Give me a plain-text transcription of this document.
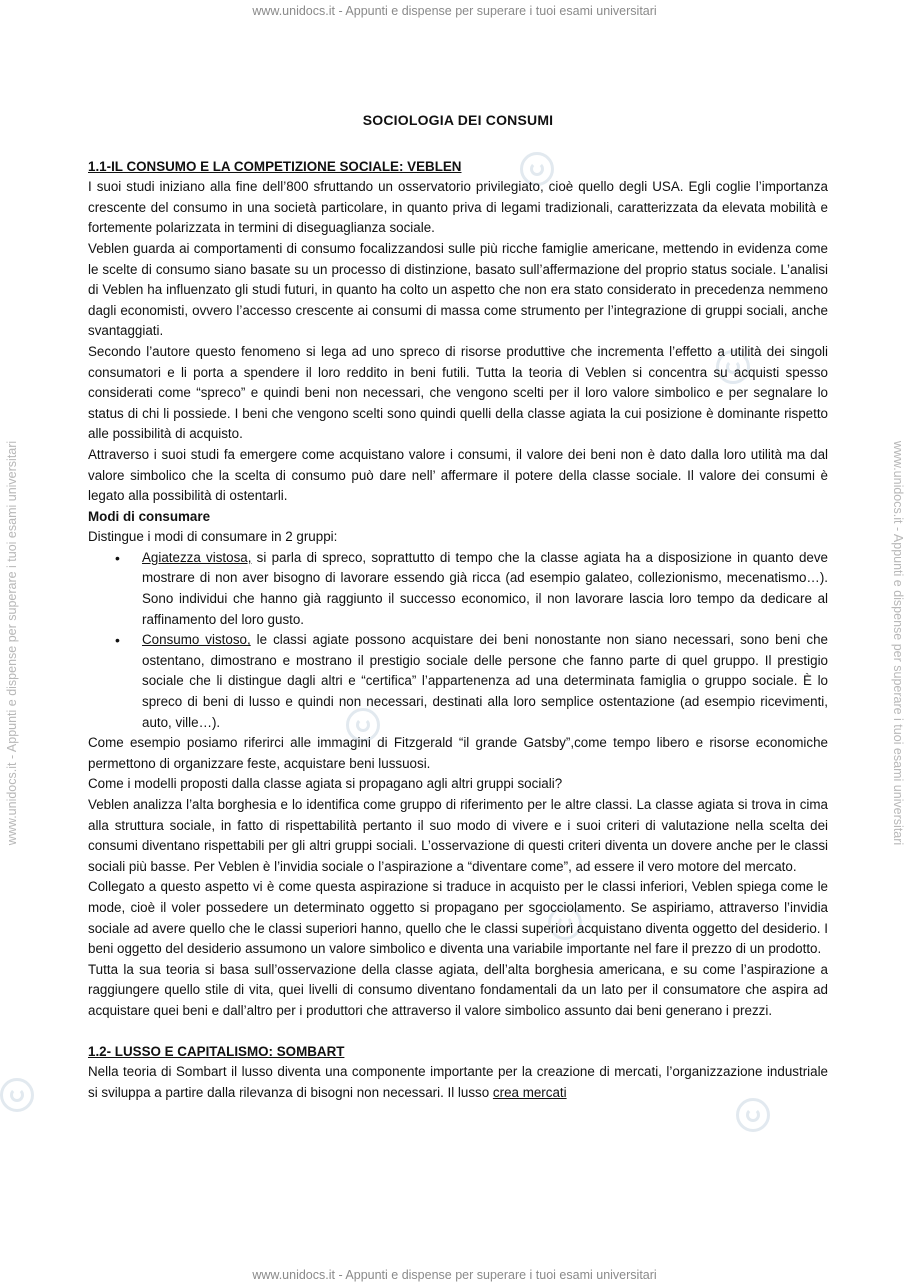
www.unidocs.it - Appunti e dispense per superare i tuoi esami universitari
www.unidocs.it - Appunti e dispense per superare i tuoi esami universitari	www.unidocs.it - Appunti e dispense per superare i tuoi esami universitari
SOCIOLOGIA DEI CONSUMI
1.1-IL CONSUMO E LA COMPETIZIONE SOCIALE: VEBLEN

I suoi studi iniziano alla fine dell’800 sfruttando un osservatorio privilegiato, cioè quello degli USA. Egli coglie l’importanza crescente del consumo in una società particolare, in quanto priva di legami tradizionali, caratterizzata da elevata mobilità e fortemente polarizzata in termini di diseguaglianza sociale.

Veblen guarda ai comportamenti di consumo focalizzandosi sulle più ricche famiglie americane, mettendo in evidenza come le scelte di consumo siano basate su un processo di distinzione, basato sull’affermazione del proprio status sociale. L’analisi di Veblen ha influenzato gli studi futuri, in quanto ha colto un aspetto che non era stato considerato in precedenza nemmeno dagli economisti, ovvero l’accesso crescente ai consumi di massa come strumento per l’integrazione di gruppi sociali, anche svantaggiati.

Secondo l’autore questo fenomeno si lega ad uno spreco di risorse produttive che incrementa l’effetto a utilità dei singoli consumatori e li porta a spendere il loro reddito in beni futili. Tutta la teoria di Veblen si concentra su acquisti spesso considerati come “spreco” e quindi beni non necessari, che vengono scelti per il loro valore simbolico e per segnalare lo status di chi li possiede. I beni che vengono scelti sono quindi quelli della classe agiata la cui posizione è dominante rispetto alle possibilità di acquisto.

Attraverso i suoi studi fa emergere come acquistano valore i consumi, il valore dei beni non è dato dalla loro utilità ma dal valore simbolico che la scelta di consumo può dare nell’ affermare il potere della classe sociale. Il valore dei consumi è legato alla possibilità di ostentarli.

Modi di consumare

Distingue i modi di consumare in 2 gruppi:

• Agiatezza vistosa, si parla di spreco, soprattutto di tempo che la classe agiata ha a disposizione in quanto deve mostrare di non aver bisogno di lavorare essendo già ricca (ad esempio galateo, collezionismo, mecenatismo…). Sono individui che hanno già raggiunto il successo economico, il non lavorare lascia loro tempo da dedicare al raffinamento del loro gusto.
• Consumo vistoso, le classi agiate possono acquistare dei beni nonostante non siano necessari, sono beni che ostentano, dimostrano e mostrano il prestigio sociale delle persone che fanno parte di quel gruppo. Il prestigio sociale che li distingue dagli altri e “certifica” l’appartenenza ad una determinata famiglia o gruppo sociale. È lo spreco di beni di lusso e quindi non necessari, destinati alla loro semplice ostentazione (ad esempio ricevimenti, auto, ville…).

Come esempio posiamo riferirci alle immagini di Fitzgerald “il grande Gatsby”,come tempo libero e risorse economiche permettono di organizzare feste, acquistare beni lussuosi.

Come i modelli proposti dalla classe agiata si propagano agli altri gruppi sociali?

Veblen analizza l’alta borghesia e lo identifica come gruppo di riferimento per le altre classi. La classe agiata si trova in cima alla struttura sociale, in fatto di rispettabilità pertanto il suo modo di vivere e i suoi criteri di valutazione nella scelta dei consumi diventano rispettabili per gli altri gruppi sociali. L’osservazione di questi criteri diventa un dovere anche per le classi sociali più basse. Per Veblen è l’invidia sociale o l’aspirazione a “diventare come”, ad essere il vero motore del mercato.

Collegato a questo aspetto vi è come questa aspirazione si traduce in acquisto per le classi inferiori, Veblen spiega come le mode, cioè il voler possedere un determinato oggetto si propagano per sgocciolamento. Se aspiriamo, attraverso l’invidia sociale ad avere quello che le classi superiori hanno, quello che le classi superiori acquistano diventa oggetto del desiderio. I beni oggetto del desiderio assumono un valore simbolico e diventa una variabile importante nel fare il prezzo di un prodotto.

Tutta la sua teoria si basa sull’osservazione della classe agiata, dell’alta borghesia americana, e su come l’aspirazione a raggiungere quello stile di vita, quei livelli di consumo diventano fondamentali da un lato per il consumatore che aspira ad acquistare quei beni e dall’altro per i produttori che attraverso il valore simbolico assunto dai beni generano i prezzi.

1.2- LUSSO E CAPITALISMO: SOMBART

Nella teoria di Sombart il lusso diventa una componente importante per la creazione di mercati, l’organizzazione industriale si sviluppa a partire dalla rilevanza di bisogni non necessari. Il lusso crea mercati

www.unidocs.it - Appunti e dispense per superare i tuoi esami universitari
